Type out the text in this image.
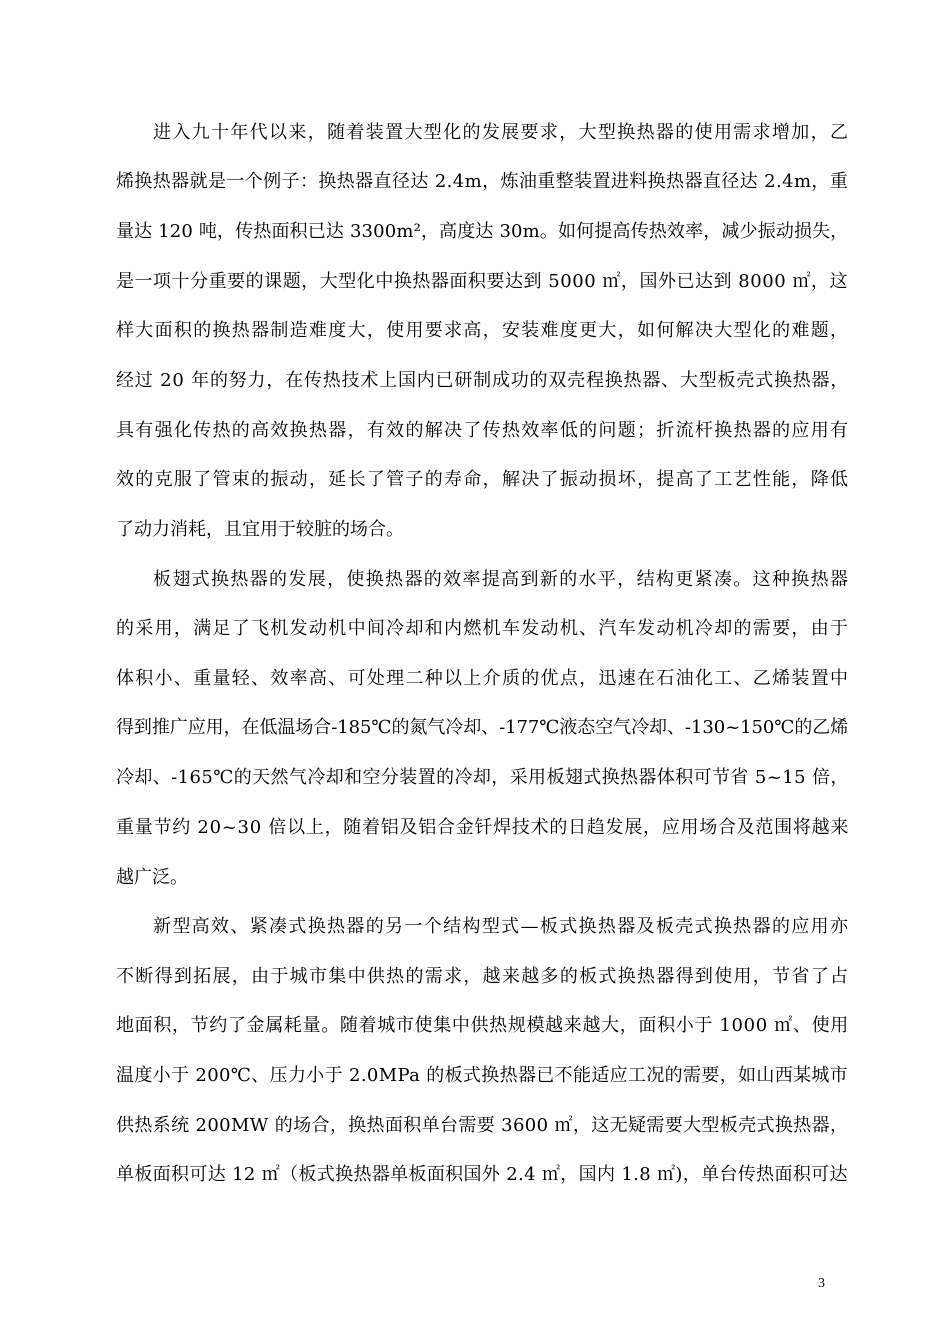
进入九十年代以来，随着装置大型化的发展要求，大型换热器的使用需求增加，乙
烯换热器就是一个例子：换热器直径达 2.4m，炼油重整装置进料换热器直径达 2.4m，重
量达 120 吨，传热面积已达 3300m²，高度达 30m。如何提高传热效率，减少振动损失，
是一项十分重要的课题，大型化中换热器面积要达到 5000 ㎡，国外已达到 8000 ㎡，这
样大面积的换热器制造难度大，使用要求高，安装难度更大，如何解决大型化的难题，
经过 20 年的努力，在传热技术上国内已研制成功的双壳程换热器、大型板壳式换热器，
具有强化传热的高效换热器，有效的解决了传热效率低的问题；折流杆换热器的应用有
效的克服了管束的振动，延长了管子的寿命，解决了振动损坏，提高了工艺性能，降低
了动力消耗，且宜用于较脏的场合。
板翅式换热器的发展，使换热器的效率提高到新的水平，结构更紧凑。这种换热器
的采用，满足了飞机发动机中间冷却和内燃机车发动机、汽车发动机冷却的需要，由于
体积小、重量轻、效率高、可处理二种以上介质的优点，迅速在石油化工、乙烯装置中
得到推广应用，在低温场合-185℃的氮气冷却、-177℃液态空气冷却、-130~150℃的乙烯
冷却、-165℃的天然气冷却和空分装置的冷却，采用板翅式换热器体积可节省 5~15 倍，
重量节约 20~30 倍以上，随着铝及铝合金钎焊技术的日趋发展，应用场合及范围将越来
越广泛。
新型高效、紧凑式换热器的另一个结构型式—板式换热器及板壳式换热器的应用亦
不断得到拓展，由于城市集中供热的需求，越来越多的板式换热器得到使用，节省了占
地面积，节约了金属耗量。随着城市使集中供热规模越来越大，面积小于 1000 ㎡、使用
温度小于 200℃、压力小于 2.0MPa 的板式换热器已不能适应工况的需要，如山西某城市
供热系统 200MW 的场合，换热面积单台需要 3600 ㎡，这无疑需要大型板壳式换热器，
单板面积可达 12 ㎡（板式换热器单板面积国外 2.4 ㎡，国内 1.8 ㎡)，单台传热面积可达
3
